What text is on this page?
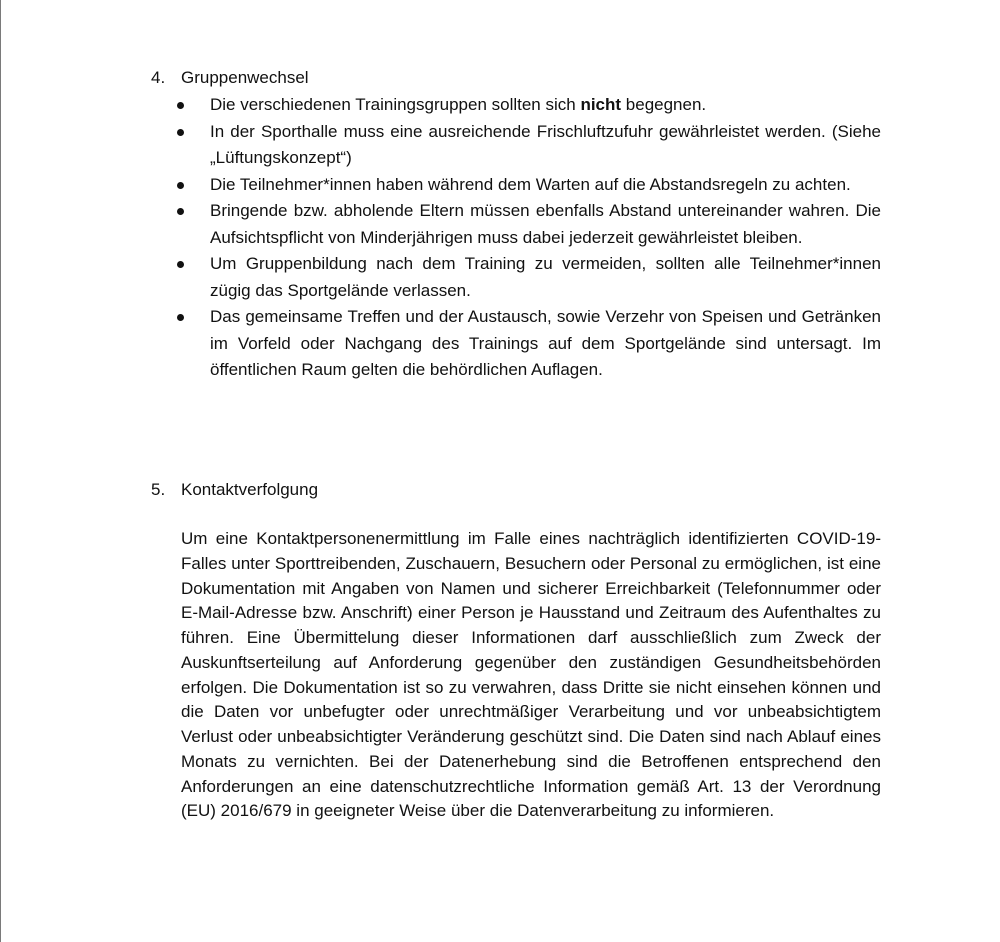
4. Gruppenwechsel
Die verschiedenen Trainingsgruppen sollten sich nicht begegnen.
In der Sporthalle muss eine ausreichende Frischluftzufuhr gewährleistet werden. (Siehe „Lüftungskonzept“)
Die Teilnehmer*innen haben während dem Warten auf die Abstandsregeln zu achten.
Bringende bzw. abholende Eltern müssen ebenfalls Abstand untereinander wahren. Die Aufsichtspflicht von Minderjährigen muss dabei jederzeit gewährleistet bleiben.
Um Gruppenbildung nach dem Training zu vermeiden, sollten alle Teilnehmer*innen zügig das Sportgelände verlassen.
Das gemeinsame Treffen und der Austausch, sowie Verzehr von Speisen und Getränken im Vorfeld oder Nachgang des Trainings auf dem Sportgelände sind untersagt. Im öffentlichen Raum gelten die behördlichen Auflagen.
5. Kontaktverfolgung

Um eine Kontaktpersonenermittlung im Falle eines nachträglich identifizierten COVID-19- Falles unter Sporttreibenden, Zuschauern, Besuchern oder Personal zu ermöglichen, ist eine Dokumentation mit Angaben von Namen und sicherer Erreichbarkeit (Telefonnummer oder E-Mail-Adresse bzw. Anschrift) einer Person je Hausstand und Zeitraum des Aufenthaltes zu führen. Eine Übermittelung dieser Informationen darf ausschließlich zum Zweck der Auskunftserteilung auf Anforderung gegenüber den zuständigen Gesundheitsbehörden erfolgen. Die Dokumentation ist so zu verwahren, dass Dritte sie nicht einsehen können und die Daten vor unbefugter oder unrechtmäßiger Verarbeitung und vor unbeabsichtigtem Verlust oder unbeabsichtigter Veränderung geschützt sind. Die Daten sind nach Ablauf eines Monats zu vernichten. Bei der Datenerhebung sind die Betroffenen entsprechend den Anforderungen an eine datenschutzrechtliche Information gemäß Art. 13 der Verordnung (EU) 2016/679 in geeigneter Weise über die Datenverarbeitung zu informieren.
